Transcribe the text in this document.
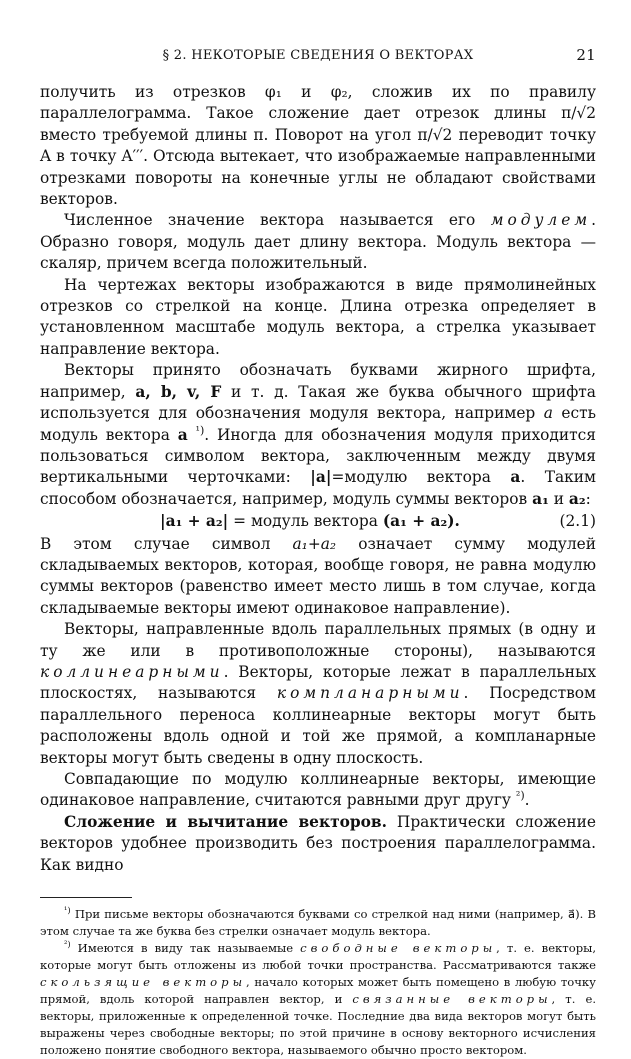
§ 2. НЕКОТОРЫЕ СВЕДЕНИЯ О ВЕКТОРАХ	21

получить из отрезков φ₁ и φ₂, сложив их по правилу параллелограмма. Такое сложение дает отрезок длины π/√2 вместо требуемой длины π. Поворот на угол π/√2 переводит точку A в точку A′′′. Отсюда вытекает, что изображаемые направленными отрезками повороты на конечные углы не обладают свойствами векторов.

Численное значение вектора называется его модулем. Образно говоря, модуль дает длину вектора. Модуль вектора — скаляр, причем всегда положительный.

На чертежах векторы изображаются в виде прямолинейных отрезков со стрелкой на конце. Длина отрезка определяет в установленном масштабе модуль вектора, а стрелка указывает направление вектора.

Векторы принято обозначать буквами жирного шрифта, например, a, b, v, F и т. д. Такая же буква обычного шрифта используется для обозначения модуля вектора, например a есть модуль вектора a $^{^1)}$. Иногда для обозначения модуля приходится пользоваться символом вектора, заключенным между двумя вертикальными черточками: |a|=модулю вектора a. Таким способом обозначается, например, модуль суммы векторов a₁ и a₂:

|a₁ + a₂| = модуль вектора (a₁ + a₂).	(2.1)

В этом случае символ a₁+a₂ означает сумму модулей складываемых векторов, которая, вообще говоря, не равна модулю суммы векторов (равенство имеет место лишь в том случае, когда складываемые векторы имеют одинаковое направление).

Векторы, направленные вдоль параллельных прямых (в одну и ту же или в противоположные стороны), называются коллинеарными. Векторы, которые лежат в параллельных плоскостях, называются компланарными. Посредством параллельного переноса коллинеарные векторы могут быть расположены вдоль одной и той же прямой, а компланарные векторы могут быть сведены в одну плоскость.

Совпадающие по модулю коллинеарные векторы, имеющие одинаковое направление, считаются равными друг другу $^{^2)}$.

Сложение и вычитание векторов. Практически сложение векторов удобнее производить без построения параллелограмма. Как видно

$^{^1)}$ При письме векторы обозначаются буквами со стрелкой над ними (например, a⃗). В этом случае та же буква без стрелки означает модуль вектора.

$^{^2)}$ Имеются в виду так называемые свободные векторы, т. е. векторы, которые могут быть отложены из любой точки пространства. Рассматриваются также скользящие векторы, начало которых может быть помещено в любую точку прямой, вдоль которой направлен вектор, и связанные векторы, т. е. векторы, приложенные к определенной точке. Последние два вида векторов могут быть выражены через свободные векторы; по этой причине в основу векторного исчисления положено понятие свободного вектора, называемого обычно просто вектором.
